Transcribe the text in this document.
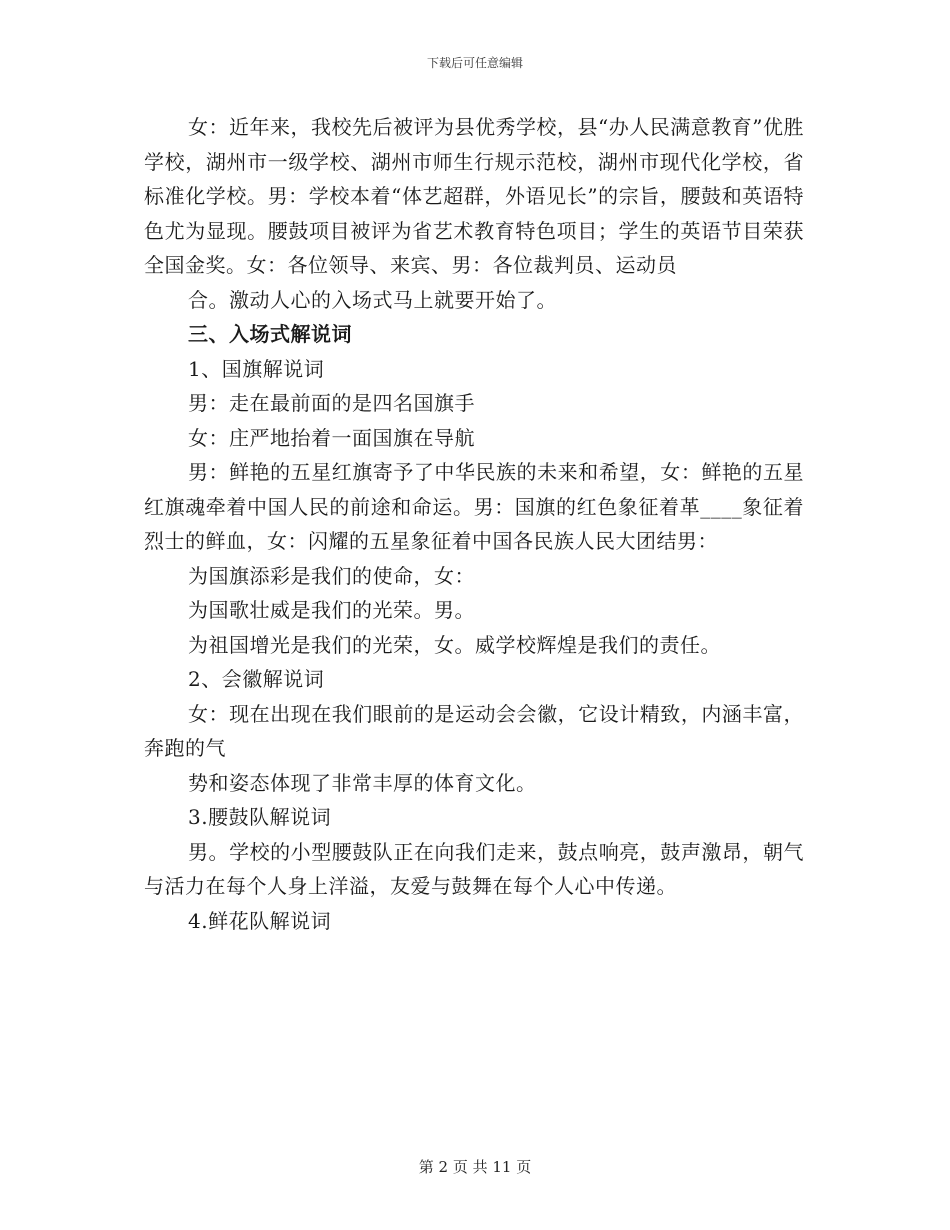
下载后可任意编辑

女：近年来，我校先后被评为县优秀学校，县“办人民满意教育”优胜学校，湖州市一级学校、湖州市师生行规示范校，湖州市现代化学校，省标准化学校。男：学校本着“体艺超群，外语见长”的宗旨，腰鼓和英语特色尤为显现。腰鼓项目被评为省艺术教育特色项目；学生的英语节目荣获全国金奖。女：各位领导、来宾、男：各位裁判员、运动员

合。激动人心的入场式马上就要开始了。

三、入场式解说词

1、国旗解说词

男：走在最前面的是四名国旗手

女：庄严地抬着一面国旗在导航

男：鲜艳的五星红旗寄予了中华民族的未来和希望，女：鲜艳的五星红旗魂牵着中国人民的前途和命运。男：国旗的红色象征着革____象征着烈士的鲜血，女：闪耀的五星象征着中国各民族人民大团结男：

为国旗添彩是我们的使命，女：

为国歌壮威是我们的光荣。男。

为祖国增光是我们的光荣，女。威学校辉煌是我们的责任。

2、会徽解说词

女：现在出现在我们眼前的是运动会会徽，它设计精致，内涵丰富，奔跑的气

势和姿态体现了非常丰厚的体育文化。

3.腰鼓队解说词

男。学校的小型腰鼓队正在向我们走来，鼓点响亮，鼓声激昂，朝气与活力在每个人身上洋溢，友爱与鼓舞在每个人心中传递。

4.鲜花队解说词

第 2 页 共 11 页
